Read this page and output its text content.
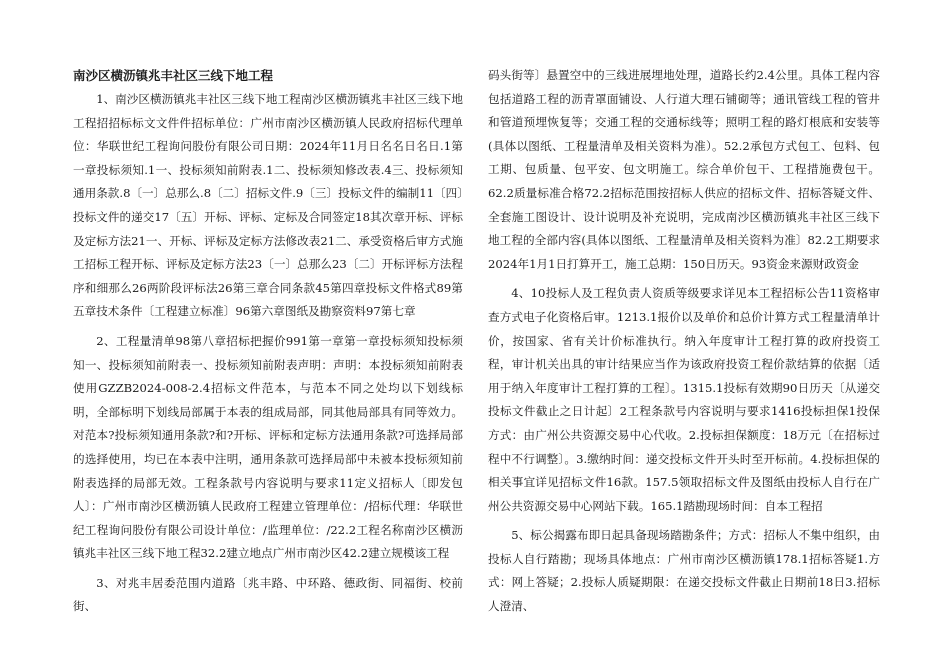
南沙区横沥镇兆丰社区三线下地工程

1、南沙区横沥镇兆丰社区三线下地工程南沙区横沥镇兆丰社区三线下地工程招招标标文文件件招标单位：广州市南沙区横沥镇人民政府招标代理单位：华联世纪工程询问股份有限公司日期：2024年11月日名名日名日.1第一章投标须知.1一、投标须知前附表.1二、投标须知修改表.4三、投标须知通用条款.8〔一〕总那么.8〔二〕招标文件.9〔三〕投标文件的编制11〔四〕投标文件的递交17〔五〕开标、评标、定标及合同签定18其次章开标、评标及定标方法21一、开标、评标及定标方法修改表21二、承受资格后审方式施工招标工程开标、评标及定标方法23〔一〕总那么23〔二〕开标评标方法程序和细那么26两阶段评标法26第三章合同条款45第四章投标文件格式89第五章技术条件〔工程建立标准〕96第六章图纸及勘察资料97第七章

2、工程量清单98第八章招标把握价991第一章第一章投标须知投标须知一、投标须知前附表一、投标须知前附表声明：声明：本投标须知前附表使用GZZB2024-008-2.4招标文件范本，与范本不同之处均以下划线标明，全部标明下划线局部属于本表的组成局部，同其他局部具有同等效力。对范本?投标须知通用条款?和?开标、评标和定标方法通用条款?可选择局部的选择使用，均已在本表中注明，通用条款可选择局部中未被本投标须知前附表选择的局部无效。工程条款号内容说明与要求11定义招标人〔即发包人〕：广州市南沙区横沥镇人民政府工程建立管理单位：/招标代理：华联世纪工程询问股份有限公司设计单位：/监理单位：/22.2工程名称南沙区横沥镇兆丰社区三线下地工程32.2建立地点广州市南沙区42.2建立规模该工程

3、对兆丰居委范围内道路〔兆丰路、中环路、德政街、同福街、校前街、

码头街等〕悬置空中的三线进展埋地处理，道路长约2.4公里。具体工程内容包括道路工程的沥青罩面铺设、人行道大理石铺砌等；通讯管线工程的管井和管道预埋恢复等；交通工程的交通标线等；照明工程的路灯根底和安装等(具体以图纸、工程量清单及相关资料为准）。52.2承包方式包工、包料、包工期、包质量、包平安、包文明施工。综合单价包干、工程措施费包干。62.2质量标准合格72.2招标范围按招标人供应的招标文件、招标答疑文件、全套施工图设计、设计说明及补充说明，完成南沙区横沥镇兆丰社区三线下地工程的全部内容(具体以图纸、工程量清单及相关资料为准〕82.2工期要求2024年1月1日打算开工，施工总期：150日历天。93资金来源财政资金

4、10投标人及工程负责人资质等级要求详见本工程招标公告11资格审查方式电子化资格后审。1213.1报价以及单价和总价计算方式工程量清单计价，按国家、省有关计价标准执行。纳入年度审计工程打算的政府投资工程，审计机关出具的审计结果应当作为该政府投资工程价款结算的依据〔适用于纳入年度审计工程打算的工程〕。1315.1投标有效期90日历天〔从递交投标文件截止之日计起〕2工程条款号内容说明与要求1416投标担保1投保方式：由广州公共资源交易中心代收。2.投标担保额度：18万元〔在招标过程中不行调整〕。3.缴纳时间：递交投标文件开头时至开标前。4.投标担保的相关事宜详见招标文件16款。157.5领取招标文件及图纸由投标人自行在广州公共资源交易中心网站下载。165.1踏勘现场时间：自本工程招

5、标公揭露布即日起具备现场踏勘条件；方式：招标人不集中组织，由投标人自行踏勘；现场具体地点：广州市南沙区横沥镇178.1招标答疑1.方式：网上答疑；2.投标人质疑期限：在递交投标文件截止日期前18日3.招标人澄清、
